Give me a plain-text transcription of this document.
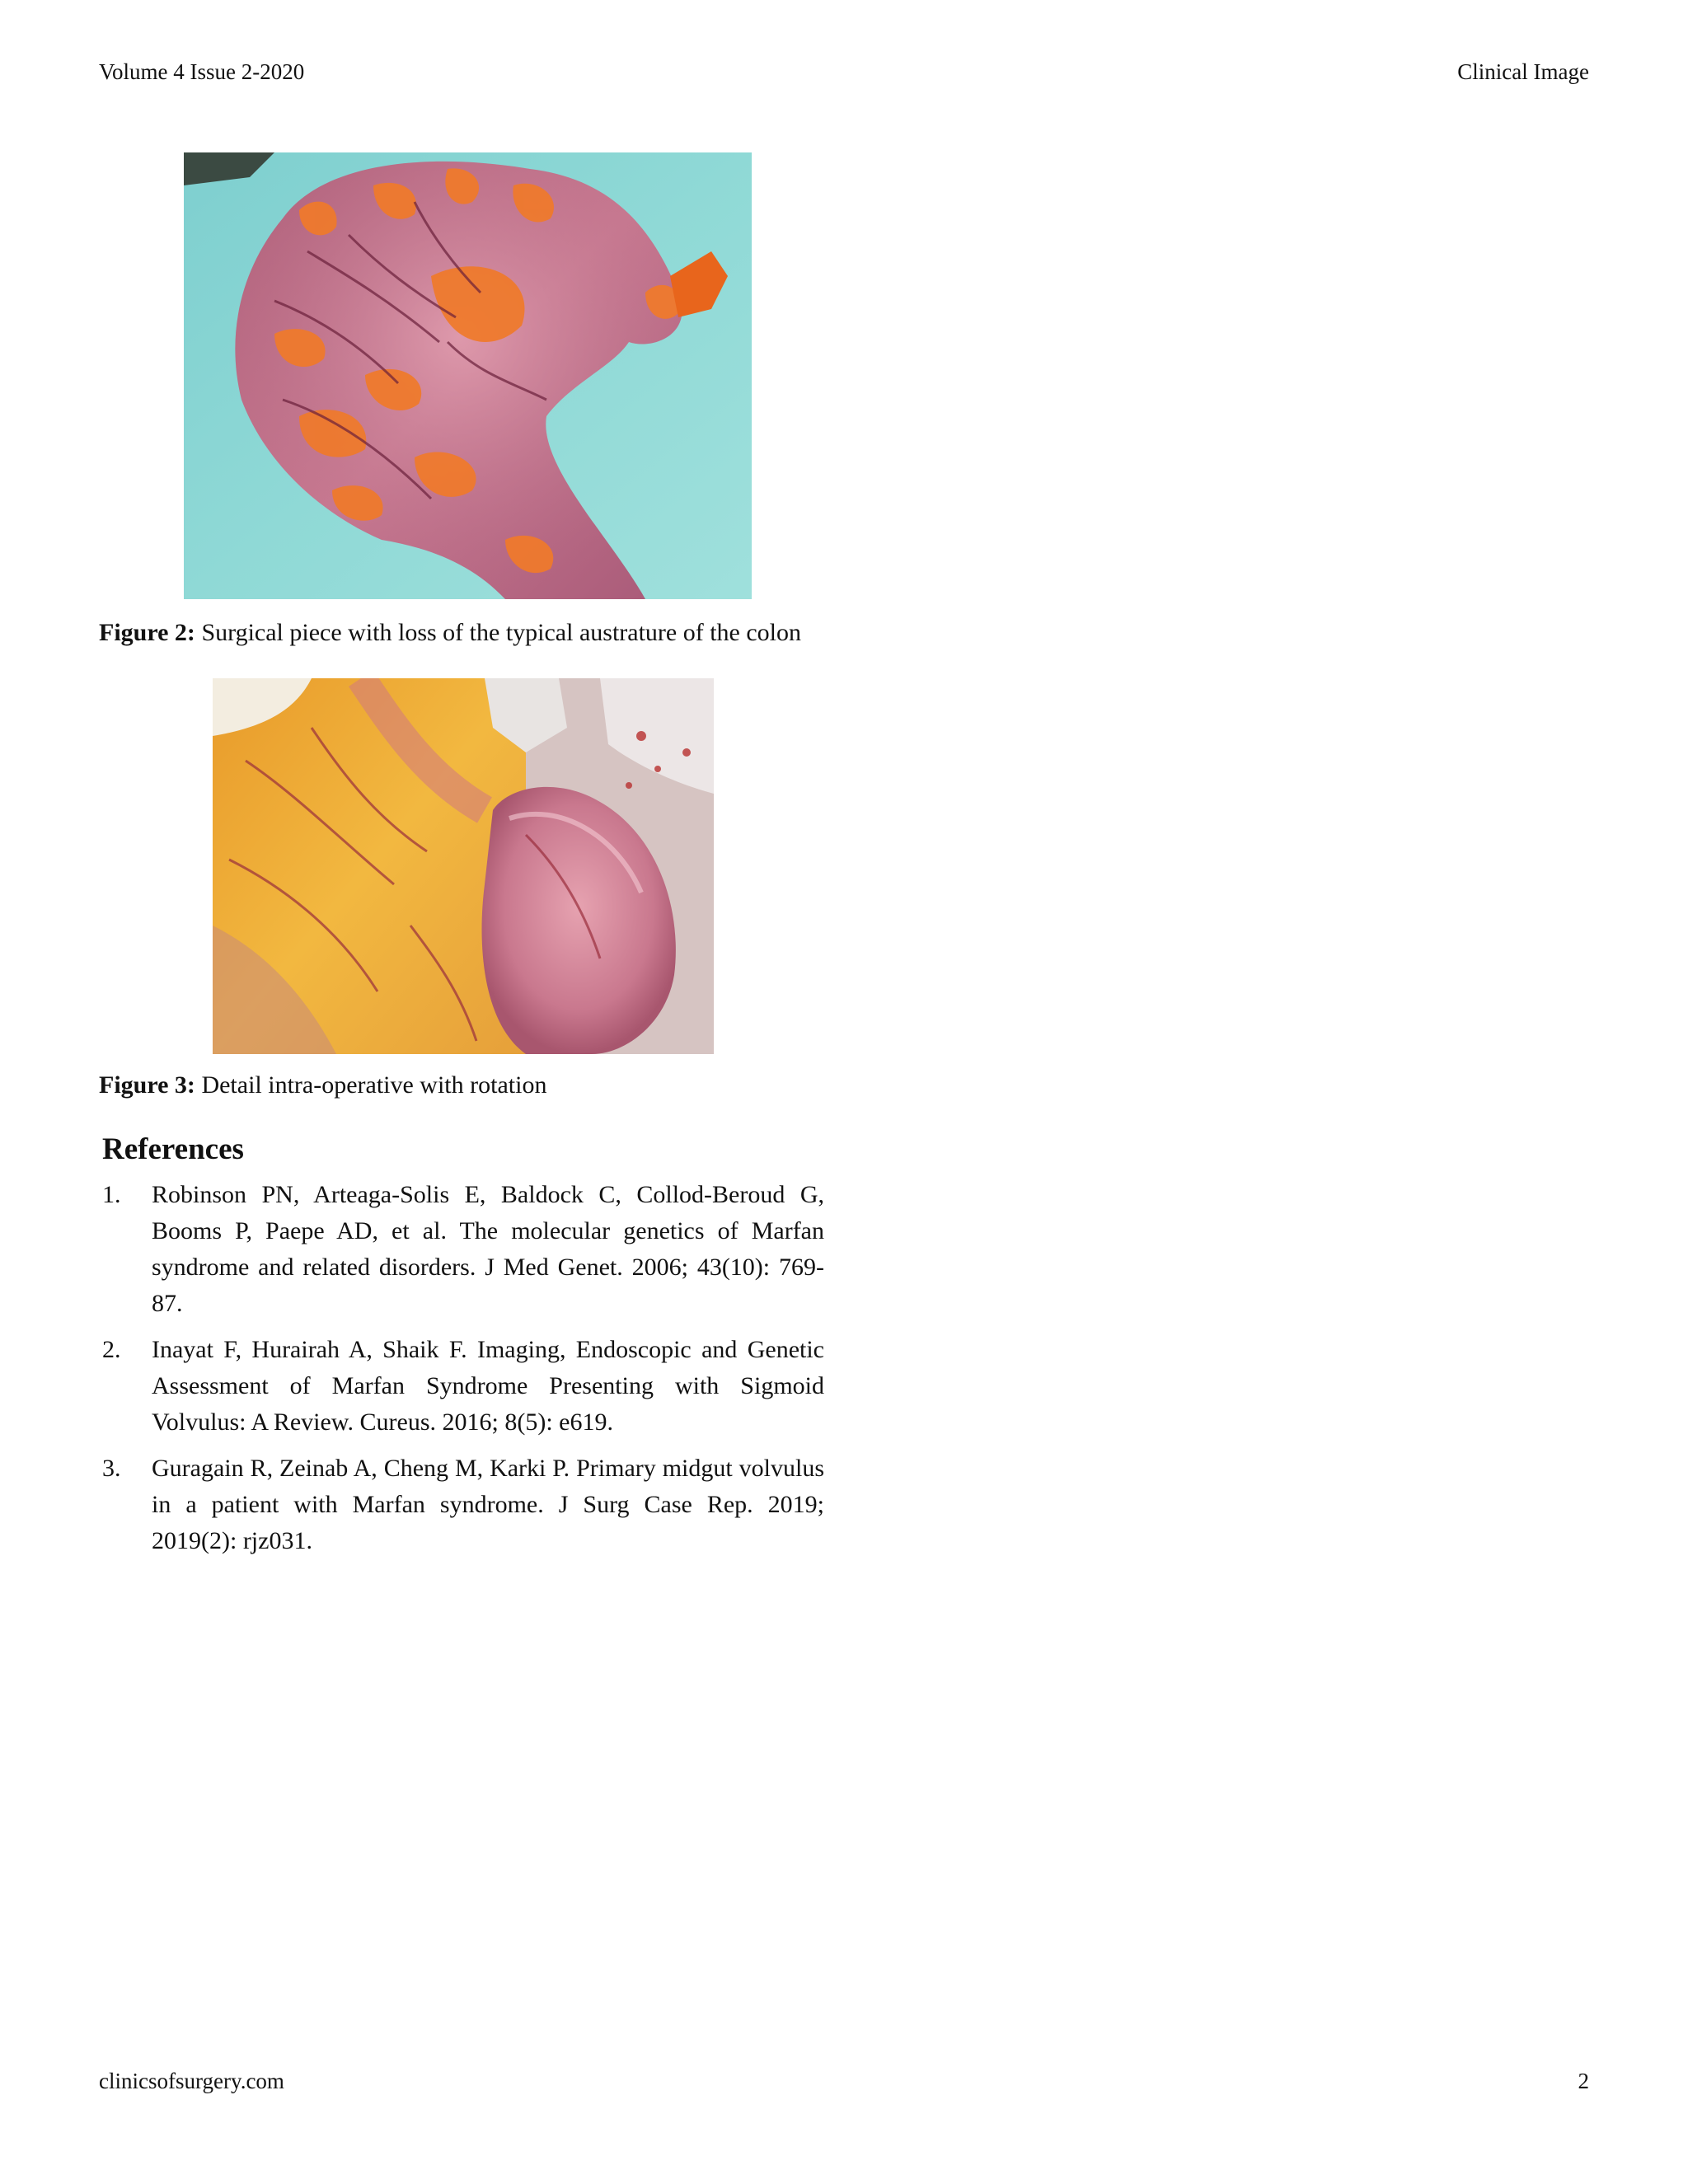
Volume 4 Issue 2-2020	Clinical Image
Figure 2: Surgical piece with loss of the typical austrature of the colon
Figure 3: Detail intra-operative with rotation
References
1. Robinson PN, Arteaga-Solis E, Baldock C, Collod-Beroud G, Booms P, Paepe AD, et al. The molecular genetics of Marfan syndrome and related disorders. J Med Genet. 2006; 43(10): 769-87.
2. Inayat F, Hurairah A, Shaik F. Imaging, Endoscopic and Genetic Assessment of Marfan Syndrome Presenting with Sigmoid Volvulus: A Review. Cureus. 2016; 8(5): e619.
3. Guragain R, Zeinab A, Cheng M, Karki P. Primary midgut volvulus in a patient with Marfan syndrome. J Surg Case Rep. 2019; 2019(2): rjz031.
clinicsofsurgery.com	2
